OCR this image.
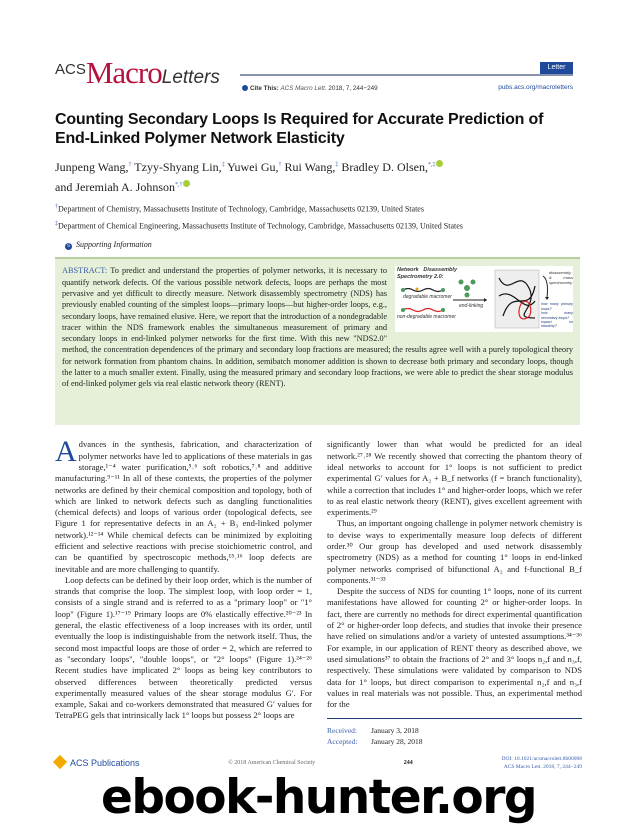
ACSMacroLetters	Letter
Cite This: ACS Macro Lett. 2018, 7, 244−249	pubs.acs.org/macroletters
Counting Secondary Loops Is Required for Accurate Prediction of End-Linked Polymer Network Elasticity
Junpeng Wang,† Tzyy-Shyang Lin,‡ Yuwei Gu,† Rui Wang,‡ Bradley D. Olsen,*,‡
and Jeremiah A. Johnson*,†
†Department of Chemistry, Massachusetts Institute of Technology, Cambridge, Massachusetts 02139, United States
‡Department of Chemical Engineering, Massachusetts Institute of Technology, Cambridge, Massachusetts 02139, United States
S Supporting Information
Network Disassembly Spectrometry 2.0:
degradable macromer
non-degradable macromer
end-linking
disassembly & mass spectrometry
how many primary loops?
how many secondary loops?
impact on elasticity?
ABSTRACT: To predict and understand the properties of polymer networks, it is necessary to quantify network defects. Of the various possible network defects, loops are perhaps the most pervasive and yet difficult to directly measure. Network disassembly spectrometry (NDS) has previously enabled counting of the simplest loops—primary loops—but higher-order loops, e.g., secondary loops, have remained elusive. Here, we report that the introduction of a nondegradable tracer within the NDS framework enables the simultaneous measurement of primary and secondary loops in end-linked polymer networks for the first time. With this new "NDS2.0" method, the concentration dependences of the primary and secondary loop fractions are measured; the results agree well with a purely topological theory for network formation from phantom chains. In addition, semibatch monomer addition is shown to decrease both primary and secondary loops, though the latter to a much smaller extent. Finally, using the measured primary and secondary loop fractions, we were able to predict the shear storage modulus of end-linked polymer gels via real elastic network theory (RENT).

Advances in the synthesis, fabrication, and characterization of polymer networks have led to applications of these materials in gas storage,¹⁻⁴ water purification,⁵˒⁶ soft robotics,⁷˒⁸ and additive manufacturing.⁹⁻¹¹ In all of these contexts, the properties of the polymer networks are defined by their chemical composition and topology, both of which are linked to network defects such as dangling functionalities (chemical defects) and loops of various order (topological defects, see Figure 1 for representative defects in an A₂ + B₃ end-linked polymer network).¹²⁻¹⁴ While chemical defects can be minimized by exploiting efficient and selective reactions with precise stoichiometric control, and can be quantified by spectroscopic methods,¹⁵˒¹⁶ loop defects are inevitable and are more challenging to quantify.

Loop defects can be defined by their loop order, which is the number of strands that comprise the loop. The simplest loop, with loop order = 1, consists of a single strand and is referred to as a "primary loop" or "1° loop" (Figure 1).¹⁷⁻¹⁹ Primary loops are 0% elastically effective.²⁰⁻²³ In general, the elastic effectiveness of a loop increases with its order, until eventually the loop is indistinguishable from the network itself. Thus, the second most impactful loops are those of order = 2, which are referred to as "secondary loops", "double loops", or "2° loops" (Figure 1).²⁴⁻²⁶ Recent studies have implicated 2° loops as being key contributors to observed differences between theoretically predicted versus experimentally measured values of the shear storage modulus G′. For example, Sakai and co-workers demonstrated that measured G′ values for TetraPEG gels that intrinsically lack 1° loops but possess 2° loops are

significantly lower than what would be predicted for an ideal network.²⁷˒²⁸ We recently showed that correcting the phantom theory of ideal networks to account for 1° loops is not sufficient to predict experimental G′ values for A₂ + B_f networks (f = branch functionality), while a correction that includes 1° and higher-order loops, which we refer to as real elastic network theory (RENT), gives excellent agreement with experiments.²⁹

Thus, an important ongoing challenge in polymer network chemistry is to devise ways to experimentally measure loop defects of different order.³⁰ Our group has developed and used network disassembly spectrometry (NDS) as a method for counting 1° loops in end-linked polymer networks comprised of bifunctional A₂ and f-functional B_f components.³¹⁻³³

Despite the success of NDS for counting 1° loops, none of its current manifestations have allowed for counting 2° or higher-order loops. In fact, there are currently no methods for direct experimental quantification of 2° or higher-order loop defects, and studies that invoke their presence have relied on simulations and/or a variety of untested assumptions.³⁴⁻³⁶ For example, in our application of RENT theory as described above, we used simulations³⁷ to obtain the fractions of 2° and 3° loops n₂,f and n₃,f, respectively. These simulations were validated by comparison to NDS data for 1° loops, but direct comparison to experimental n₂,f and n₃,f values in real materials was not possible. Thus, an experimental method for the

Received: January 3, 2018
Accepted: January 28, 2018
ACS Publications	© 2018 American Chemical Society	244
DOI: 10.1021/acsmacrolett.8b00008
ACS Macro Lett. 2018, 7, 244−249
ebook-hunter.org
